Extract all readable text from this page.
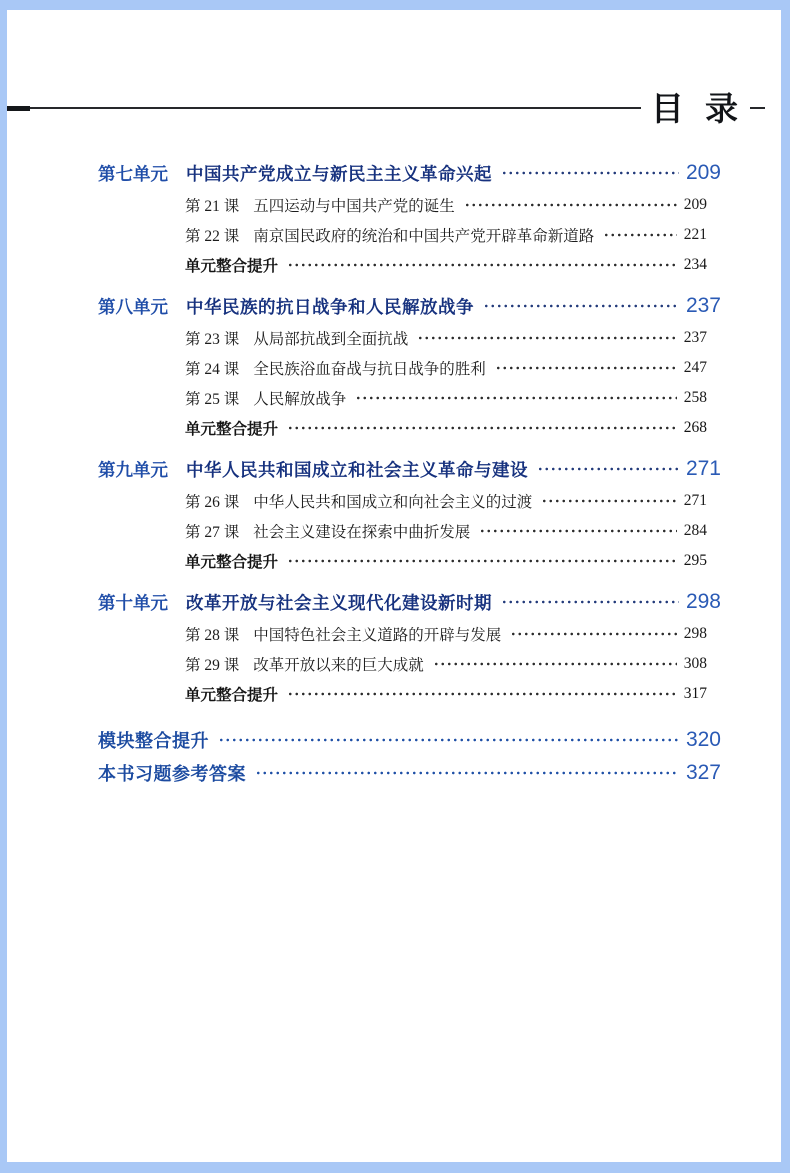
目 录
第七单元	中国共产党成立与新民主主义革命兴起	209
第 21 课 五四运动与中国共产党的诞生	209
第 22 课 南京国民政府的统治和中国共产党开辟革命新道路	221
单元整合提升	234
第八单元	中华民族的抗日战争和人民解放战争	237
第 23 课 从局部抗战到全面抗战	237
第 24 课 全民族浴血奋战与抗日战争的胜利	247
第 25 课 人民解放战争	258
单元整合提升	268
第九单元	中华人民共和国成立和社会主义革命与建设	271
第 26 课 中华人民共和国成立和向社会主义的过渡	271
第 27 课 社会主义建设在探索中曲折发展	284
单元整合提升	295
第十单元	改革开放与社会主义现代化建设新时期	298
第 28 课 中国特色社会主义道路的开辟与发展	298
第 29 课 改革开放以来的巨大成就	308
单元整合提升	317
模块整合提升	320
本书习题参考答案	327
